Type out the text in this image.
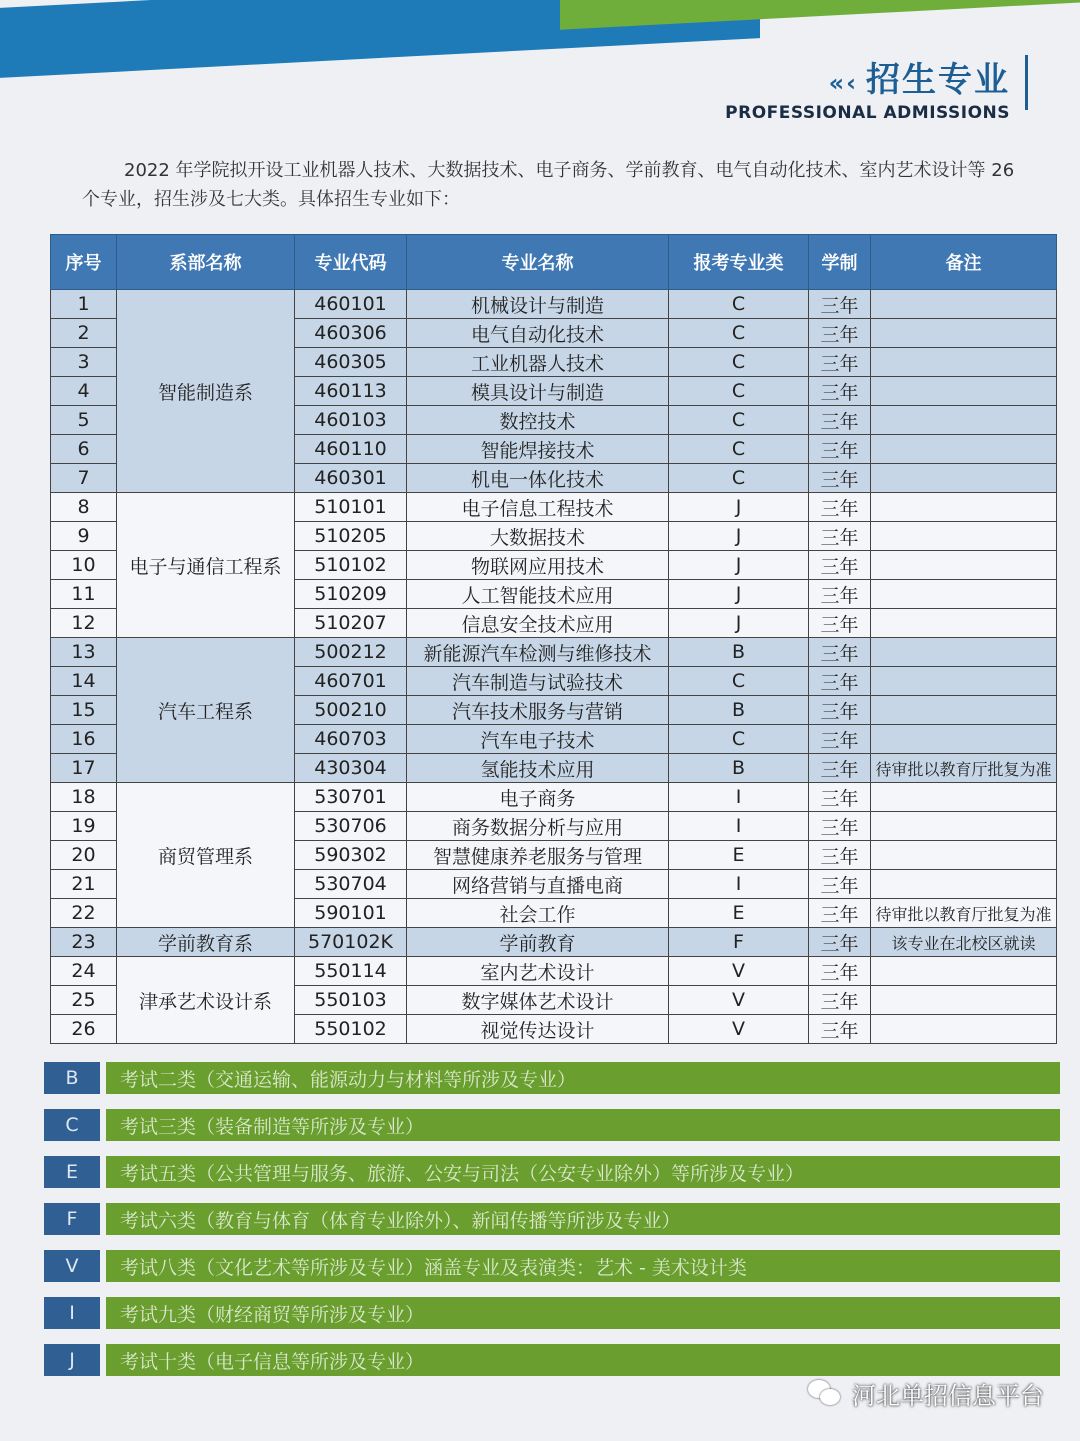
«‹ 招生专业
PROFESSIONAL ADMISSIONS
2022 年学院拟开设工业机器人技术、大数据技术、电子商务、学前教育、电气自动化技术、室内艺术设计等 26 个专业，招生涉及七大类。具体招生专业如下：
序号	系部名称	专业代码	专业名称	报考专业类	学制	备注
1	智能制造系	460101	机械设计与制造	C	三年	
2		460306	电气自动化技术	C	三年	
3		460305	工业机器人技术	C	三年	
4		460113	模具设计与制造	C	三年	
5		460103	数控技术	C	三年	
6		460110	智能焊接技术	C	三年	
7		460301	机电一体化技术	C	三年	
8	电子与通信工程系	510101	电子信息工程技术	J	三年	
9		510205	大数据技术	J	三年	
10		510102	物联网应用技术	J	三年	
11		510209	人工智能技术应用	J	三年	
12		510207	信息安全技术应用	J	三年	
13	汽车工程系	500212	新能源汽车检测与维修技术	B	三年	
14		460701	汽车制造与试验技术	C	三年	
15		500210	汽车技术服务与营销	B	三年	
16		460703	汽车电子技术	C	三年	
17		430304	氢能技术应用	B	三年	待审批以教育厅批复为准
18	商贸管理系	530701	电子商务	I	三年	
19		530706	商务数据分析与应用	I	三年	
20		590302	智慧健康养老服务与管理	E	三年	
21		530704	网络营销与直播电商	I	三年	
22		590101	社会工作	E	三年	待审批以教育厅批复为准
23	学前教育系	570102K	学前教育	F	三年	该专业在北校区就读
24	津承艺术设计系	550114	室内艺术设计	V	三年	
25		550103	数字媒体艺术设计	V	三年	
26		550102	视觉传达设计	V	三年	
B	考试二类（交通运输、能源动力与材料等所涉及专业）
C	考试三类（装备制造等所涉及专业）
E	考试五类（公共管理与服务、旅游、公安与司法（公安专业除外）等所涉及专业）
F	考试六类（教育与体育（体育专业除外）、新闻传播等所涉及专业）
V	考试八类（文化艺术等所涉及专业）涵盖专业及表演类：艺术 - 美术设计类
I	考试九类（财经商贸等所涉及专业）
J	考试十类（电子信息等所涉及专业）
河北单招信息平台
